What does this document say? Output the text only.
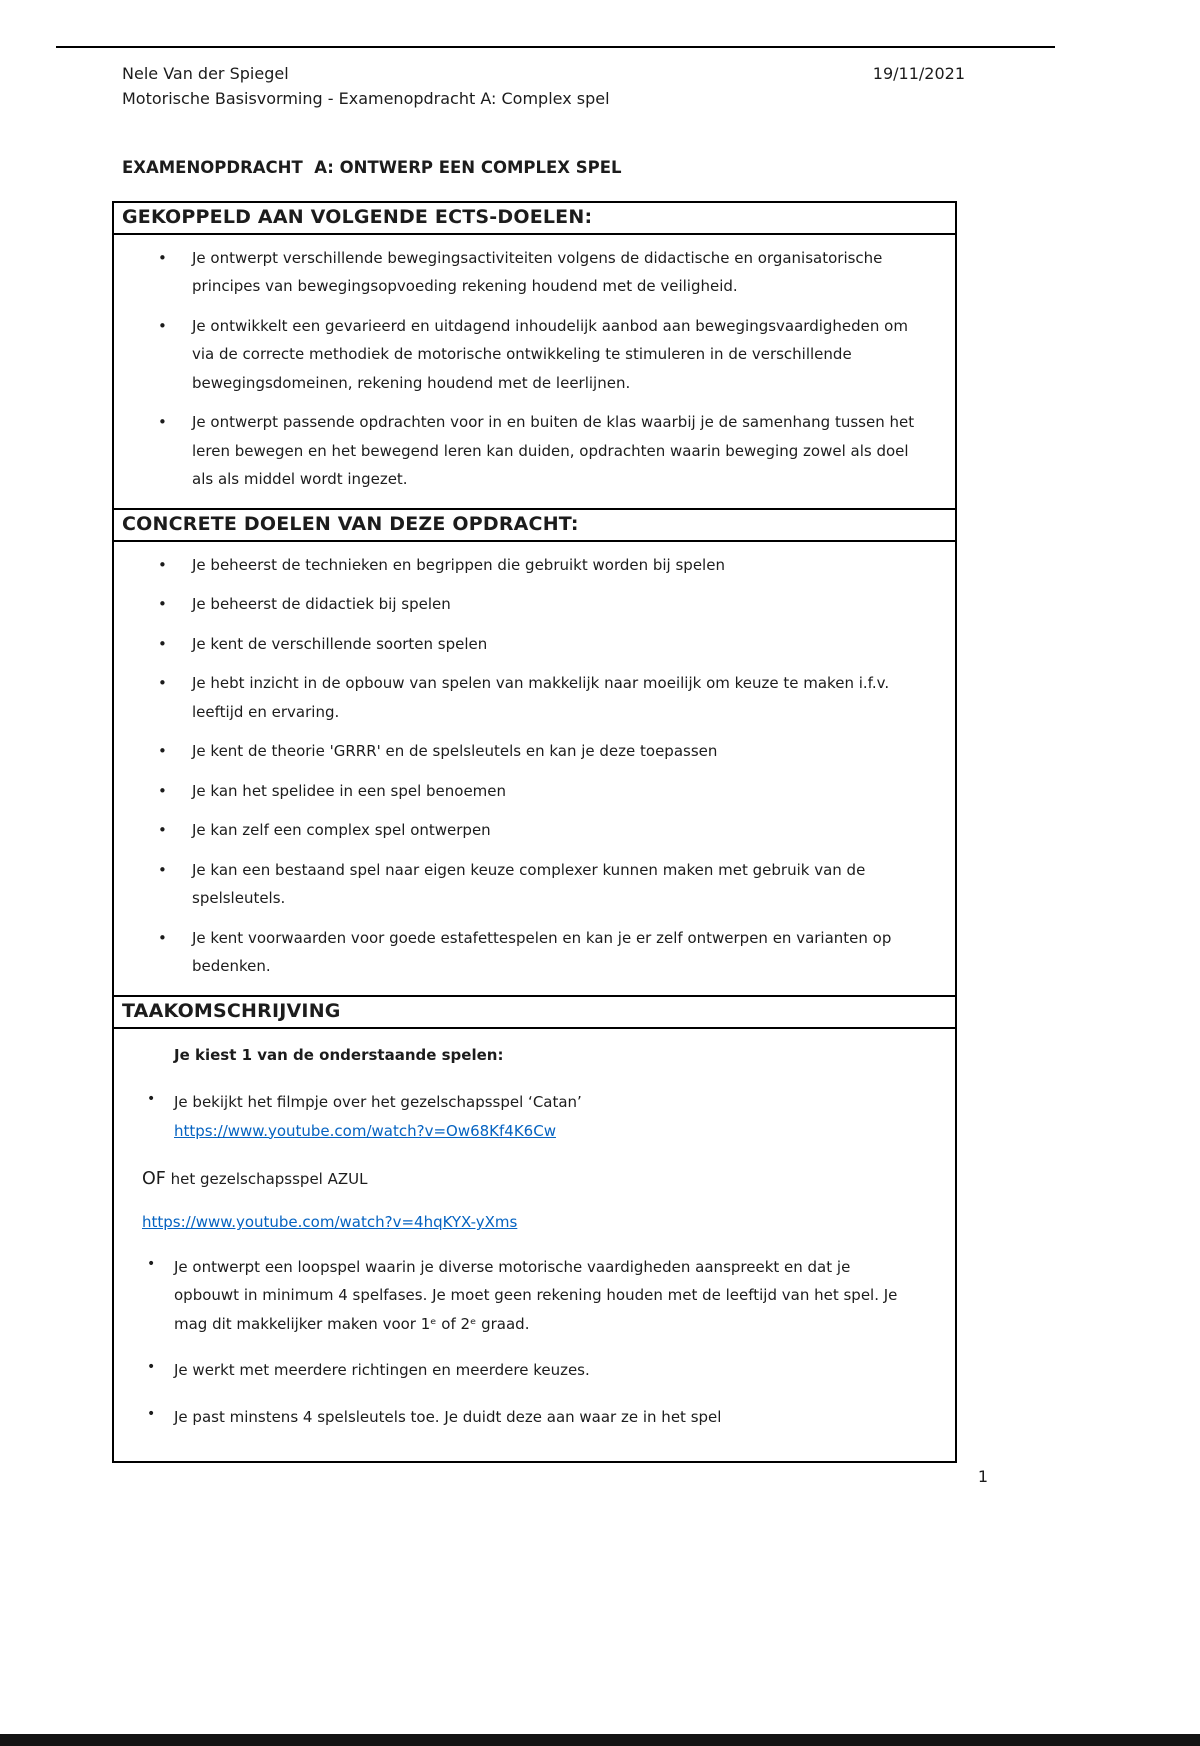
Nele Van der Spiegel
Motorische Basisvorming - Examenopdracht A: Complex spel
19/11/2021
EXAMENOPDRACHT  A: ONTWERP EEN COMPLEX SPEL
GEKOPPELD AAN VOLGENDE ECTS-DOELEN:
• Je ontwerpt verschillende bewegingsactiviteiten volgens de didactische en organisatorische principes van bewegingsopvoeding rekening houdend met de veiligheid.
• Je ontwikkelt een gevarieerd en uitdagend inhoudelijk aanbod aan bewegingsvaardigheden om via de correcte methodiek de motorische ontwikkeling te stimuleren in de verschillende bewegingsdomeinen, rekening houdend met de leerlijnen.
• Je ontwerpt passende opdrachten voor in en buiten de klas waarbij je de samenhang tussen het leren bewegen en het bewegend leren kan duiden, opdrachten waarin beweging zowel als doel als als middel wordt ingezet.
CONCRETE DOELEN VAN DEZE OPDRACHT:
• Je beheerst de technieken en begrippen die gebruikt worden bij spelen
• Je beheerst de didactiek bij spelen
• Je kent de verschillende soorten spelen
• Je hebt inzicht in de opbouw van spelen van makkelijk naar moeilijk om keuze te maken i.f.v. leeftijd en ervaring.
• Je kent de theorie 'GRRR' en de spelsleutels en kan je deze toepassen
• Je kan het spelidee in een spel benoemen
• Je kan zelf een complex spel ontwerpen
• Je kan een bestaand spel naar eigen keuze complexer kunnen maken met gebruik van de spelsleutels.
• Je kent voorwaarden voor goede estafettespelen en kan je er zelf ontwerpen en varianten op bedenken.
TAAKOMSCHRIJVING
Je kiest 1 van de onderstaande spelen:
• Je bekijkt het filmpje over het gezelschapsspel ‘Catan’
https://www.youtube.com/watch?v=Ow68Kf4K6Cw
OF het gezelschapsspel AZUL
https://www.youtube.com/watch?v=4hqKYX-yXms
• Je ontwerpt een loopspel waarin je diverse motorische vaardigheden aanspreekt en dat je opbouwt in minimum 4 spelfases. Je moet geen rekening houden met de leeftijd van het spel. Je mag dit makkelijker maken voor 1ᵉ of 2ᵉ graad.
• Je werkt met meerdere richtingen en meerdere keuzes.
• Je past minstens 4 spelsleutels toe. Je duidt deze aan waar ze in het spel
1
